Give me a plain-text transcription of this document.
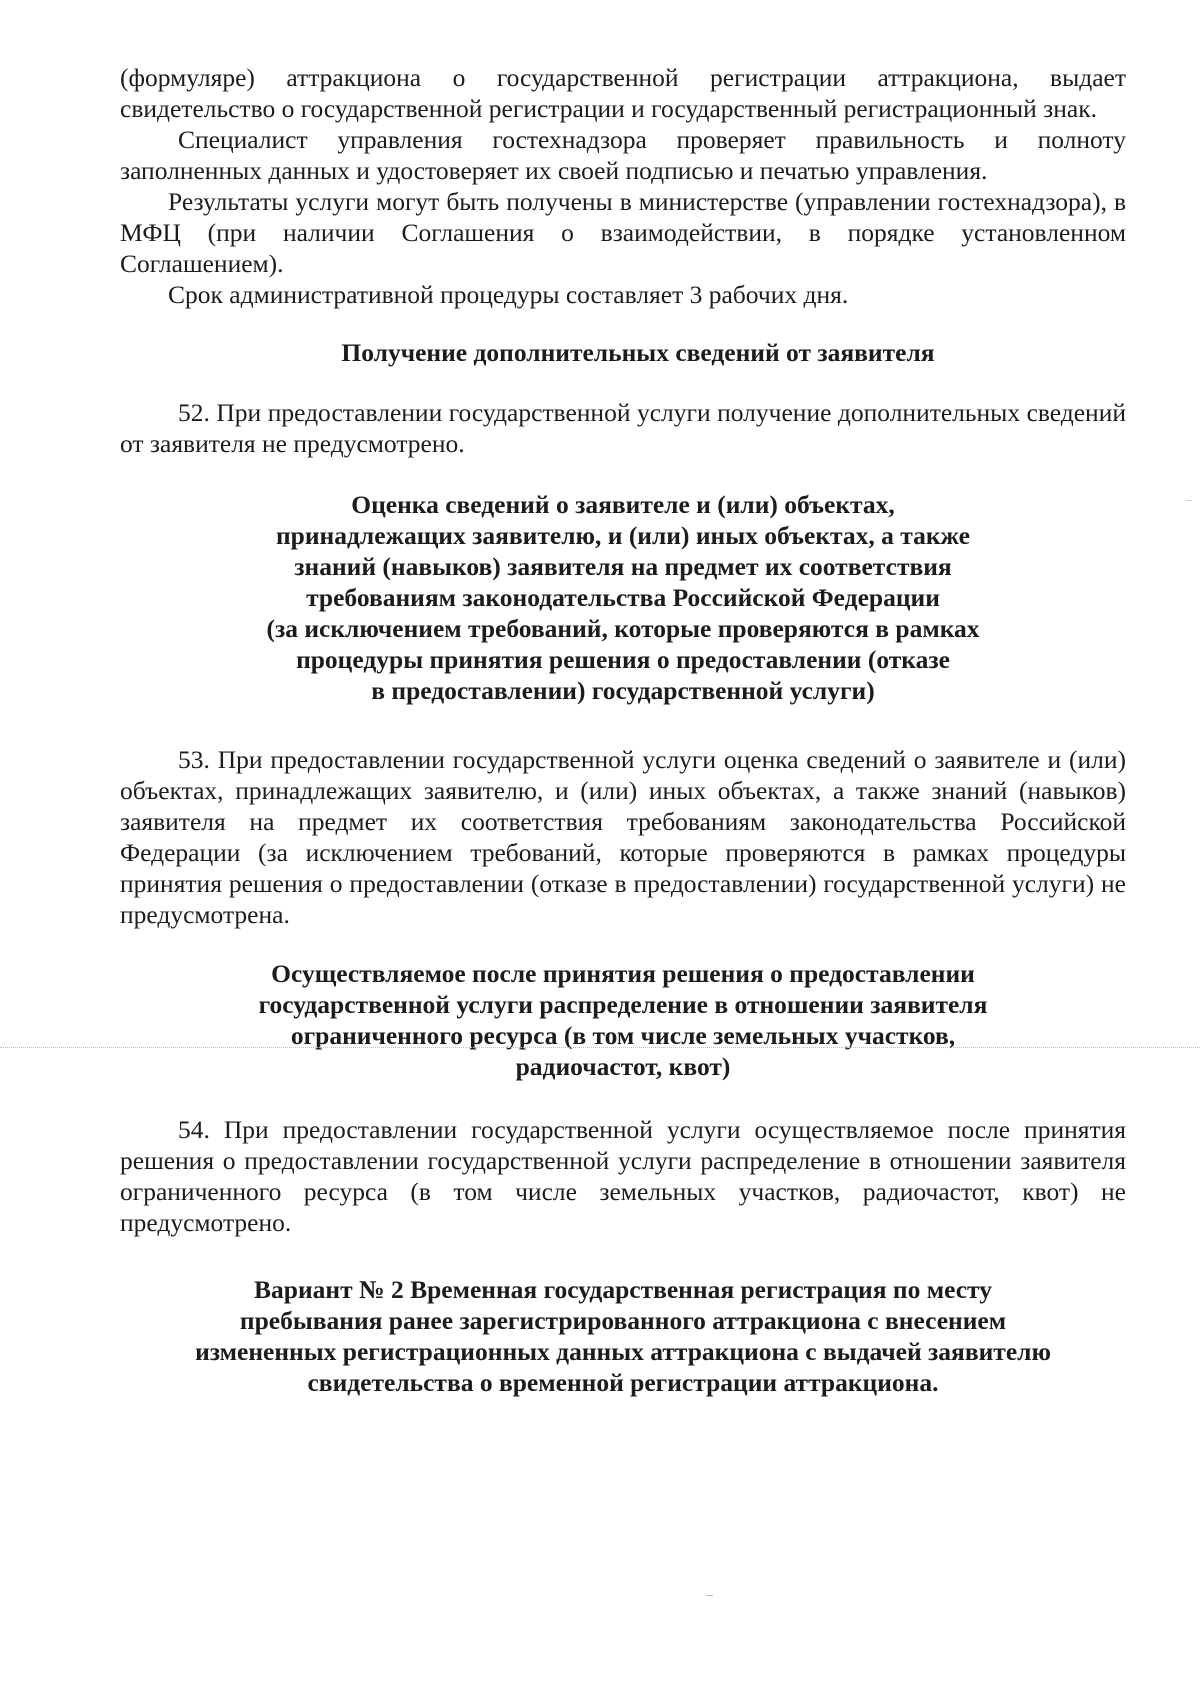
(формуляре) аттракциона о государственной регистрации аттракциона, выдает свидетельство о государственной регистрации и государственный регистрационный знак.

Специалист управления гостехнадзора проверяет правильность и полноту заполненных данных и удостоверяет их своей подписью и печатью управления.

Результаты услуги могут быть получены в министерстве (управлении гостехнадзора), в МФЦ (при наличии Соглашения о взаимодействии, в порядке установленном Соглашением).

Срок административной процедуры составляет 3 рабочих дня.

Получение дополнительных сведений от заявителя

52. При предоставлении государственной услуги получение дополнительных сведений от заявителя не предусмотрено.

Оценка сведений о заявителе и (или) объектах,
принадлежащих заявителю, и (или) иных объектах, а также
знаний (навыков) заявителя на предмет их соответствия
требованиям законодательства Российской Федерации
(за исключением требований, которые проверяются в рамках
процедуры принятия решения о предоставлении (отказе
в предоставлении) государственной услуги)

53. При предоставлении государственной услуги оценка сведений о заявителе и (или) объектах, принадлежащих заявителю, и (или) иных объектах, а также знаний (навыков) заявителя на предмет их соответствия требованиям законодательства Российской Федерации (за исключением требований, которые проверяются в рамках процедуры принятия решения о предоставлении (отказе в предоставлении) государственной услуги) не предусмотрена.

Осуществляемое после принятия решения о предоставлении
государственной услуги распределение в отношении заявителя
ограниченного ресурса (в том числе земельных участков,
радиочастот, квот)

54. При предоставлении государственной услуги осуществляемое после принятия решения о предоставлении государственной услуги распределение в отношении заявителя ограниченного ресурса (в том числе земельных участков, радиочастот, квот) не предусмотрено.

Вариант № 2 Временная государственная регистрация по месту
пребывания ранее зарегистрированного аттракциона с внесением
измененных регистрационных данных аттракциона с выдачей заявителю
свидетельства о временной регистрации аттракциона.
